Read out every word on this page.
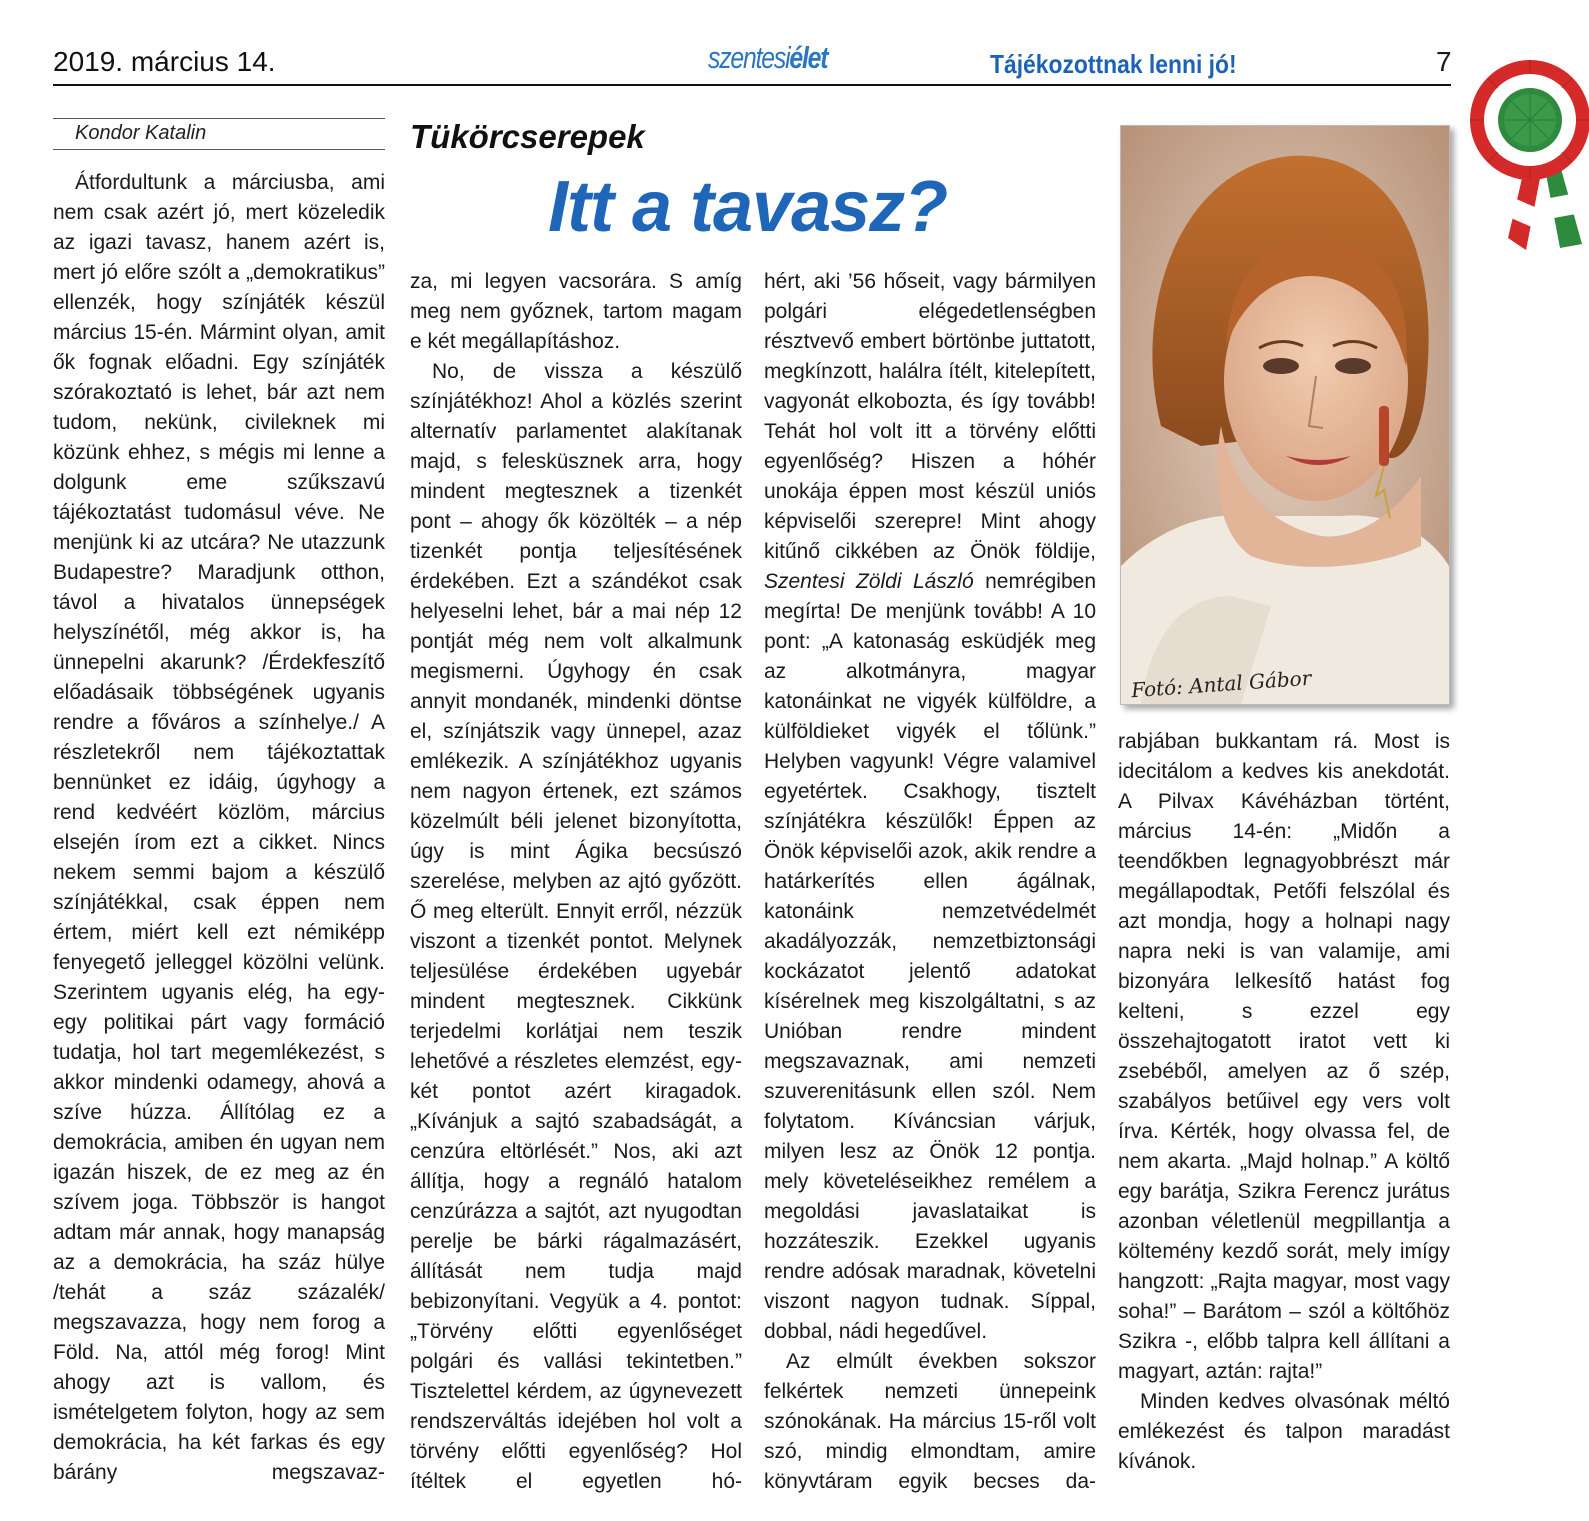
2019. március 14.	szentesiélet	Tájékozottnak lenni jó!	7
Kondor Katalin	Tükörcserepek
Itt a tavasz?

Átfordultunk a márciusba, ami nem csak azért jó, mert közeledik az igazi tavasz, hanem azért is, mert jó előre szólt a „demokratikus” ellenzék, hogy színjáték készül március 15-én. Mármint olyan, amit ők fognak előadni. Egy színjáték szórakoztató is lehet, bár azt nem tudom, nekünk, civileknek mi közünk ehhez, s mégis mi lenne a dolgunk eme szűkszavú tájékoztatást tudomásul véve. Ne menjünk ki az utcára? Ne utazzunk Budapestre? Maradjunk otthon, távol a hivatalos ünnepségek helyszínétől, még akkor is, ha ünnepelni akarunk? /Érdekfeszítő előadásaik többségének ugyanis rendre a főváros a színhelye./ A részletekről nem tájékoztattak bennünket ez idáig, úgyhogy a rend kedvéért közlöm, március elsején írom ezt a cikket. Nincs nekem semmi bajom a készülő színjátékkal, csak éppen nem értem, miért kell ezt némiképp fenyegető jelleggel közölni velünk. Szerintem ugyanis elég, ha egy-egy politikai párt vagy formáció tudatja, hol tart megemlékezést, s akkor mindenki odamegy, ahová a szíve húzza. Állítólag ez a demokrácia, amiben én ugyan nem igazán hiszek, de ez meg az én szívem joga. Többször is hangot adtam már annak, hogy manapság az a demokrácia, ha száz hülye /tehát a száz százalék/ megszavazza, hogy nem forog a Föld. Na, attól még forog! Mint ahogy azt is vallom, és ismételgetem folyton, hogy az sem demokrácia, ha két farkas és egy bárány megszavaz-

za, mi legyen vacsorára. S amíg meg nem győznek, tartom magam e két megállapításhoz.

No, de vissza a készülő színjátékhoz! Ahol a közlés szerint alternatív parlamentet alakítanak majd, s felesküsznek arra, hogy mindent megtesznek a tizenkét pont – ahogy ők közölték – a nép tizenkét pontja teljesítésének érdekében. Ezt a szándékot csak helyeselni lehet, bár a mai nép 12 pontját még nem volt alkalmunk megismerni. Úgyhogy én csak annyit mondanék, mindenki döntse el, színjátszik vagy ünnepel, azaz emlékezik. A színjátékhoz ugyanis nem nagyon értenek, ezt számos közelmúlt béli jelenet bizonyította, úgy is mint Ágika becsúszó szerelése, melyben az ajtó győzött. Ő meg elterült. Ennyit erről, nézzük viszont a tizenkét pontot. Melynek teljesülése érdekében ugyebár mindent megtesznek. Cikkünk terjedelmi korlátjai nem teszik lehetővé a részletes elemzést, egy-két pontot azért kiragadok. „Kívánjuk a sajtó szabadságát, a cenzúra eltörlését.” Nos, aki azt állítja, hogy a regnáló hatalom cenzúrázza a sajtót, azt nyugodtan perelje be bárki rágalmazásért, állítását nem tudja majd bebizonyítani. Vegyük a 4. pontot: „Törvény előtti egyenlőséget polgári és vallási tekintetben.” Tisztelettel kérdem, az úgynevezett rendszerváltás idejében hol volt a törvény előtti egyenlőség? Hol ítéltek el egyetlen hó-

hért, aki ’56 hőseit, vagy bármilyen polgári elégedetlenségben résztvevő embert börtönbe juttatott, megkínzott, halálra ítélt, kitelepített, vagyonát elkobozta, és így tovább! Tehát hol volt itt a törvény előtti egyenlőség? Hiszen a hóhér unokája éppen most készül uniós képviselői szerepre! Mint ahogy kitűnő cikkében az Önök földije, Szentesi Zöldi László nemrégiben megírta! De menjünk tovább! A 10 pont: „A katonaság esküdjék meg az alkotmányra, magyar katonáinkat ne vigyék külföldre, a külföldieket vigyék el tőlünk.” Helyben vagyunk! Végre valamivel egyetértek. Csakhogy, tisztelt színjátékra készülők! Éppen az Önök képviselői azok, akik rendre a határkerítés ellen ágálnak, katonáink nemzetvédelmét akadályozzák, nemzetbiztonsági kockázatot jelentő adatokat kísérelnek meg kiszolgáltatni, s az Unióban rendre mindent megszavaznak, ami nemzeti szuverenitásunk ellen szól. Nem folytatom. Kíváncsian várjuk, milyen lesz az Önök 12 pontja. mely követeléseikhez remélem a megoldási javaslataikat is hozzáteszik. Ezekkel ugyanis rendre adósak maradnak, követelni viszont nagyon tudnak. Síppal, dobbal, nádi hegedűvel.

Az elmúlt években sokszor felkértek nemzeti ünnepeink szónokának. Ha március 15-ről volt szó, mindig elmondtam, amire könyvtáram egyik becses da-

Fotó: Antal Gábor

rabjában bukkantam rá. Most is idecitálom a kedves kis anekdotát. A Pilvax Kávéházban történt, március 14-én: „Midőn a teendőkben legnagyobbrészt már megállapodtak, Petőfi felszólal és azt mondja, hogy a holnapi nagy napra neki is van valamije, ami bizonyára lelkesítő hatást fog kelteni, s ezzel egy összehajtogatott iratot vett ki zsebéből, amelyen az ő szép, szabályos betűivel egy vers volt írva. Kérték, hogy olvassa fel, de nem akarta. „Majd holnap.” A költő egy barátja, Szikra Ferencz jurátus azonban véletlenül megpillantja a költemény kezdő sorát, mely imígy hangzott: „Rajta magyar, most vagy soha!” – Barátom – szól a költőhöz Szikra -, előbb talpra kell állítani a magyart, aztán: rajta!”

Minden kedves olvasónak méltó emlékezést és talpon maradást kívánok.
